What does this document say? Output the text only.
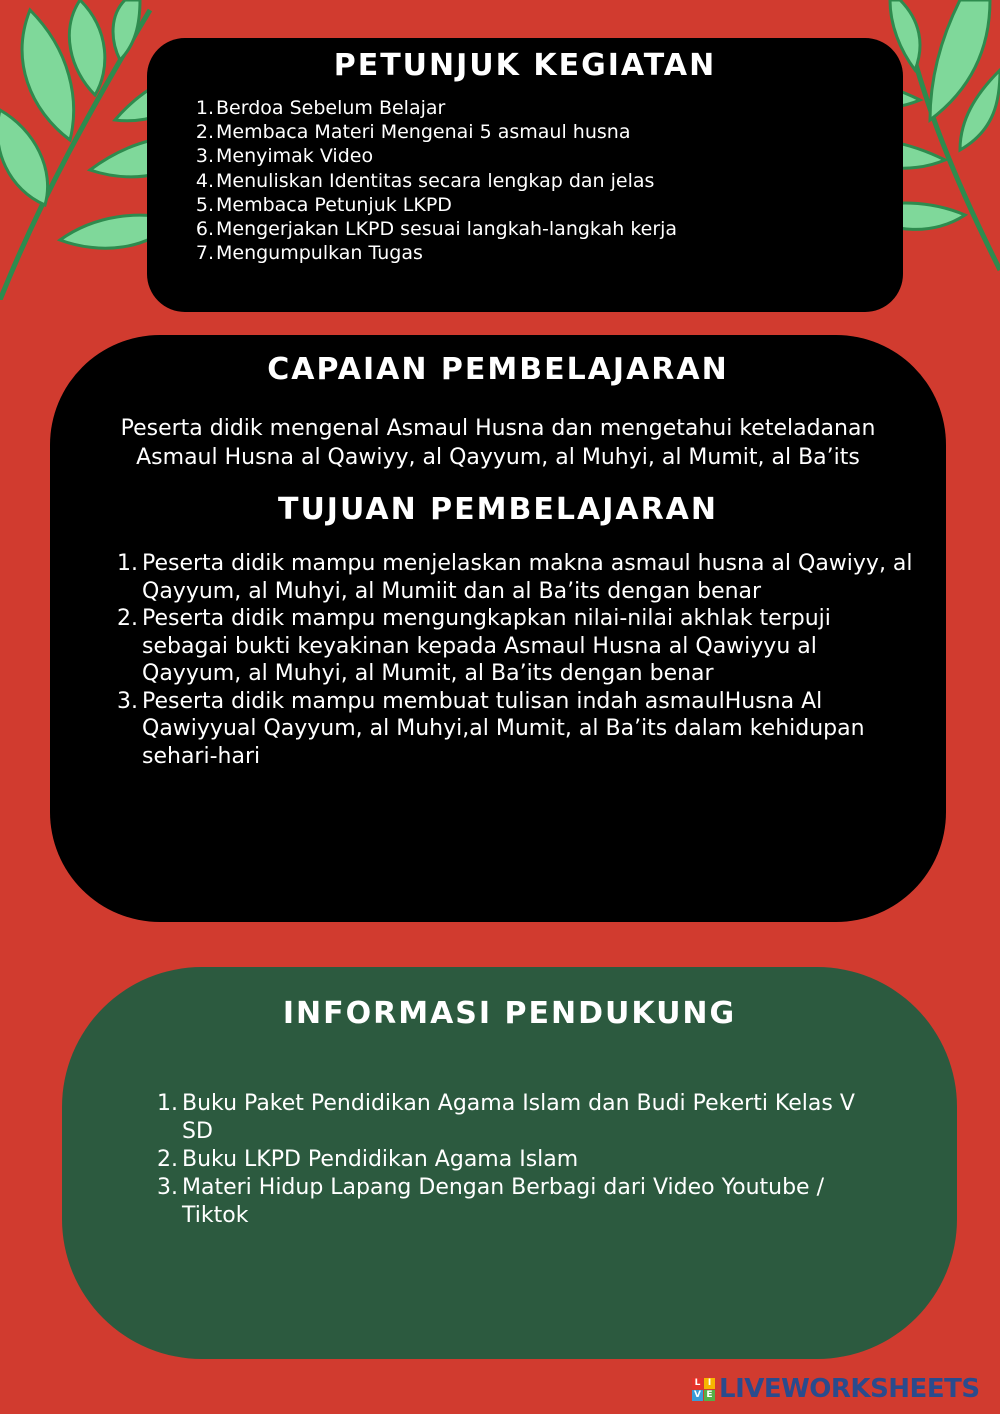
PETUNJUK KEGIATAN
1. Berdoa Sebelum Belajar
2. Membaca Materi Mengenai 5 asmaul husna
3. Menyimak Video
4. Menuliskan Identitas secara lengkap dan jelas
5. Membaca Petunjuk LKPD
6. Mengerjakan LKPD sesuai langkah-langkah kerja
7. Mengumpulkan Tugas
CAPAIAN PEMBELAJARAN

Peserta didik mengenal Asmaul Husna dan mengetahui keteladanan Asmaul Husna al Qawiyy, al Qayyum, al Muhyi, al Mumit, al Ba’its

TUJUAN PEMBELAJARAN
1. Peserta didik mampu menjelaskan makna asmaul husna al Qawiyy, al Qayyum, al Muhyi, al Mumiit dan al Ba’its dengan benar
2. Peserta didik mampu mengungkapkan nilai-nilai akhlak terpuji sebagai bukti keyakinan kepada Asmaul Husna al Qawiyyu al Qayyum, al Muhyi, al Mumit, al Ba’its dengan benar
3. Peserta didik mampu membuat tulisan indah asmaulHusna Al Qawiyyual Qayyum, al Muhyi,al Mumit, al Ba’its dalam kehidupan sehari-hari
INFORMASI PENDUKUNG
1. Buku Paket Pendidikan Agama Islam dan Budi Pekerti Kelas V SD
2. Buku LKPD Pendidikan Agama Islam
3. Materi Hidup Lapang Dengan Berbagi dari Video Youtube / Tiktok
L I
V E LIVEWORKSHEETS
